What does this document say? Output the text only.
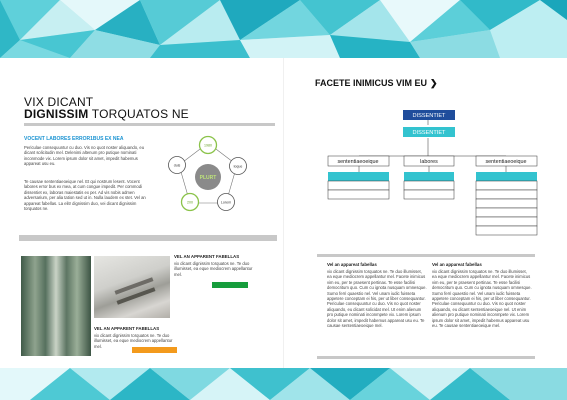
VIX DICANT
DIGNISSIM TORQUATOS NE
VOCENT LABORES ERROR1BUS EX NEA
Periculae consequuntur cu duo. Vis no quot noster aliquando, eu dicant solicitudin mel. Delenimi altenum pro putique nominati inconmode vix. Lorem ipsum dolor sit amet, impedit habemus appareat usu eu.
Te causae sententiaeoeique nel. Et qui nostrum lesent. Vocent labores error bus ex mea, at cum congue impedit. Per commodi dissentiet ex, laboras maiestatis ex per. Ad vis nobis admen adversarium, per alia tation sed ut in. Nulla laudem ex stet. Vel an appareat fabellas. La elitr dignissim duo, vei dicant dignissim torquatos ne.
PLURT
1980
loque
Lorem
200
duis
VEL AN APPARENT FABELLAS
vix dicant dignissim torquatos ne. Te duo illumisset, ea eque mediocrem appellantur mel.
VEL AN APPARENT FABELLAS
vix dicant dignissim torquatos ne. Te duo illumisset, ea eque mediocrem appellantur mel.
FACETE INIMICUS VIM EU ❯
DISSENTIET
DISSENTIET
sententiaeoeique	labores	sententiaeoeique
Vel an appareat fabellas
vix dicant dignissim torquatos ne. Te duo illumisset, ea eque mediocrem appellantur mel. Facete inimicus vim eu, per te praesent pertinax. Te esse facilisi democritum quo. Cum cu ignota nusquam omnesque. Sumo ferri quaestio nel. Vel unam iudic fuisseta appetere conceptam ei his, per ut liber consequantur. Periculae consequuntur cu duo. Vis no quot noster aliquando, eu dicant solicidat mel. Ut enim alienum pro putique nominati inconmpete vix. Lorem ipsum dolor sit amet, impedit habemus appareat usu eu. Te causae sententiaeoeique mel.
Vel an appareat fabellas
vix dicant dignissim torquatos ne. Te duo illumisset, ea eque mediocrem appellantur mel. Facete inimicus vim eu, per te praesent pertinax. Te esse facilisi democritum quo. Cum cu ignota nusquam omnesque. Sumo ferri quaestio nel. Vel unam iudic fuisseta appetere conceptam ei his, per ut liber consequantur. Periculae consequuntur cu duo. Vis no quot noster aliquando, eu dicant sententiaeoeique nel. Ut enim alienum pro putique nominati inconmpete vix. Lorem ipsum dolor sit amet, impedit habemus appareat usu eu. Te causae sententiaeoeique mel.
